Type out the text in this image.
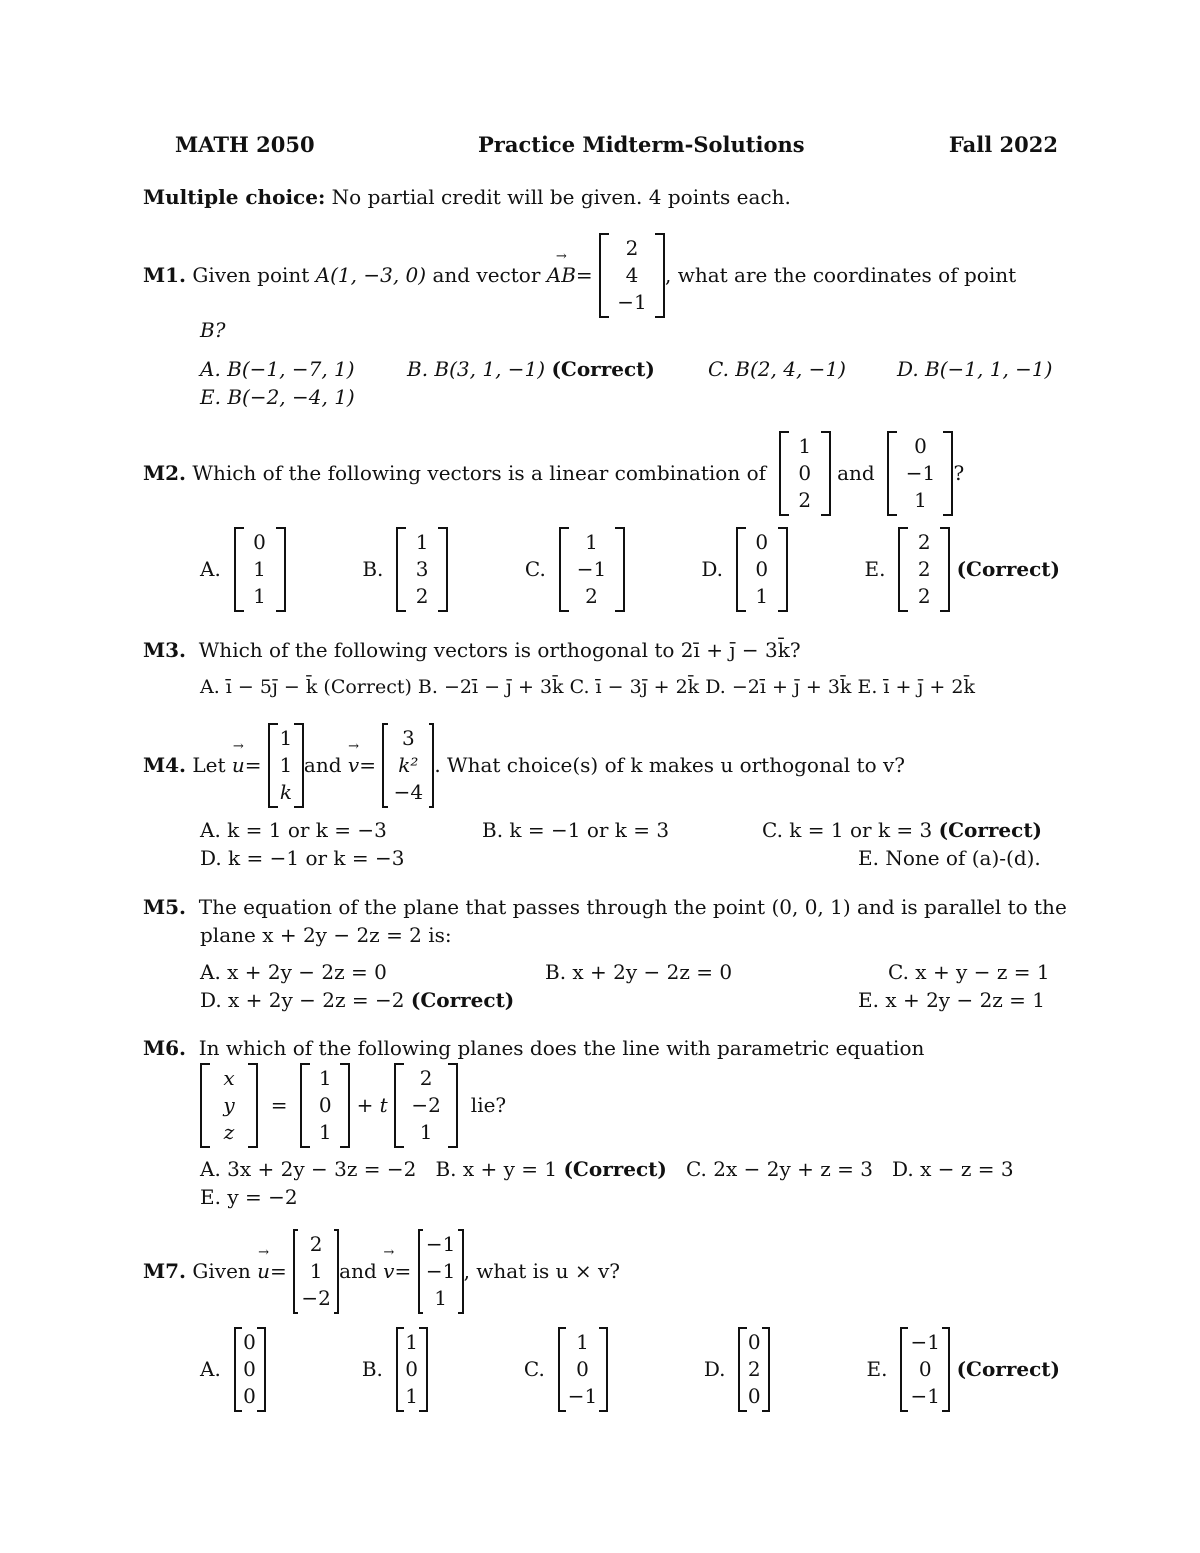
MATH 2050	Practice Midterm-Solutions	Fall 2022
Multiple choice: No partial credit will be given. 4 points each.
M1.
Given point
A(1, −3, 0)
and vector
→ AB =

2
4
−1
, what are the coordinates of point
B?
A. B(−1, −7, 1)	B. B(3, 1, −1) (Correct)	C. B(2, 4, −1)	D. B(−1, 1, −1)
E. B(−2, −4, 1)
M2.
Which of the following vectors is a linear combination of

1
0
2

and

0
−1
1
?
A.

0
1
1
B.

1
3
2
C.

1
−1
2
D.

0
0
1
E.

2
2
2

(Correct)
M3. Which of the following vectors is orthogonal to 2ī + j̄ − 3k̄?
A. ī − 5j̄ − k̄ (Correct) B. −2ī − j̄ + 3k̄ C. ī − 3j̄ + 2k̄ D. −2ī + j̄ + 3k̄ E. ī + j̄ + 2k̄
M4.
Let
→ u =

1
1
k
and
→ v =

3
k²
−4
. What choice(s) of k makes u orthogonal to v?
A. k = 1 or k = −3	B. k = −1 or k = 3	C. k = 1 or k = 3 (Correct)
D. k = −1 or k = −3	E. None of (a)-(d).
M5. The equation of the plane that passes through the point (0, 0, 1) and is parallel to the
plane x + 2y − 2z = 2 is:
A. x + 2y − 2z = 0	B. x + 2y − 2z = 0	C. x + y − z = 1
D. x + 2y − 2z = −2 (Correct)	E. x + 2y − 2z = 1
M6. In which of the following planes does the line with parametric equation
x
y
z

=

1
0
1

+ t

2
−2
1

lie?
A. 3x + 2y − 3z = −2 B. x + y = 1 (Correct) C. 2x − 2y + z = 3 D. x − z = 3
E. y = −2
M7.
Given
→ u =

2
1
−2
and
→ v =

−1
−1
1
, what is u × v?
A.

0
0
0
B.

1
0
1
C.

1
0
−1
D.

0
2
0
E.

−1
0
−1

(Correct)
